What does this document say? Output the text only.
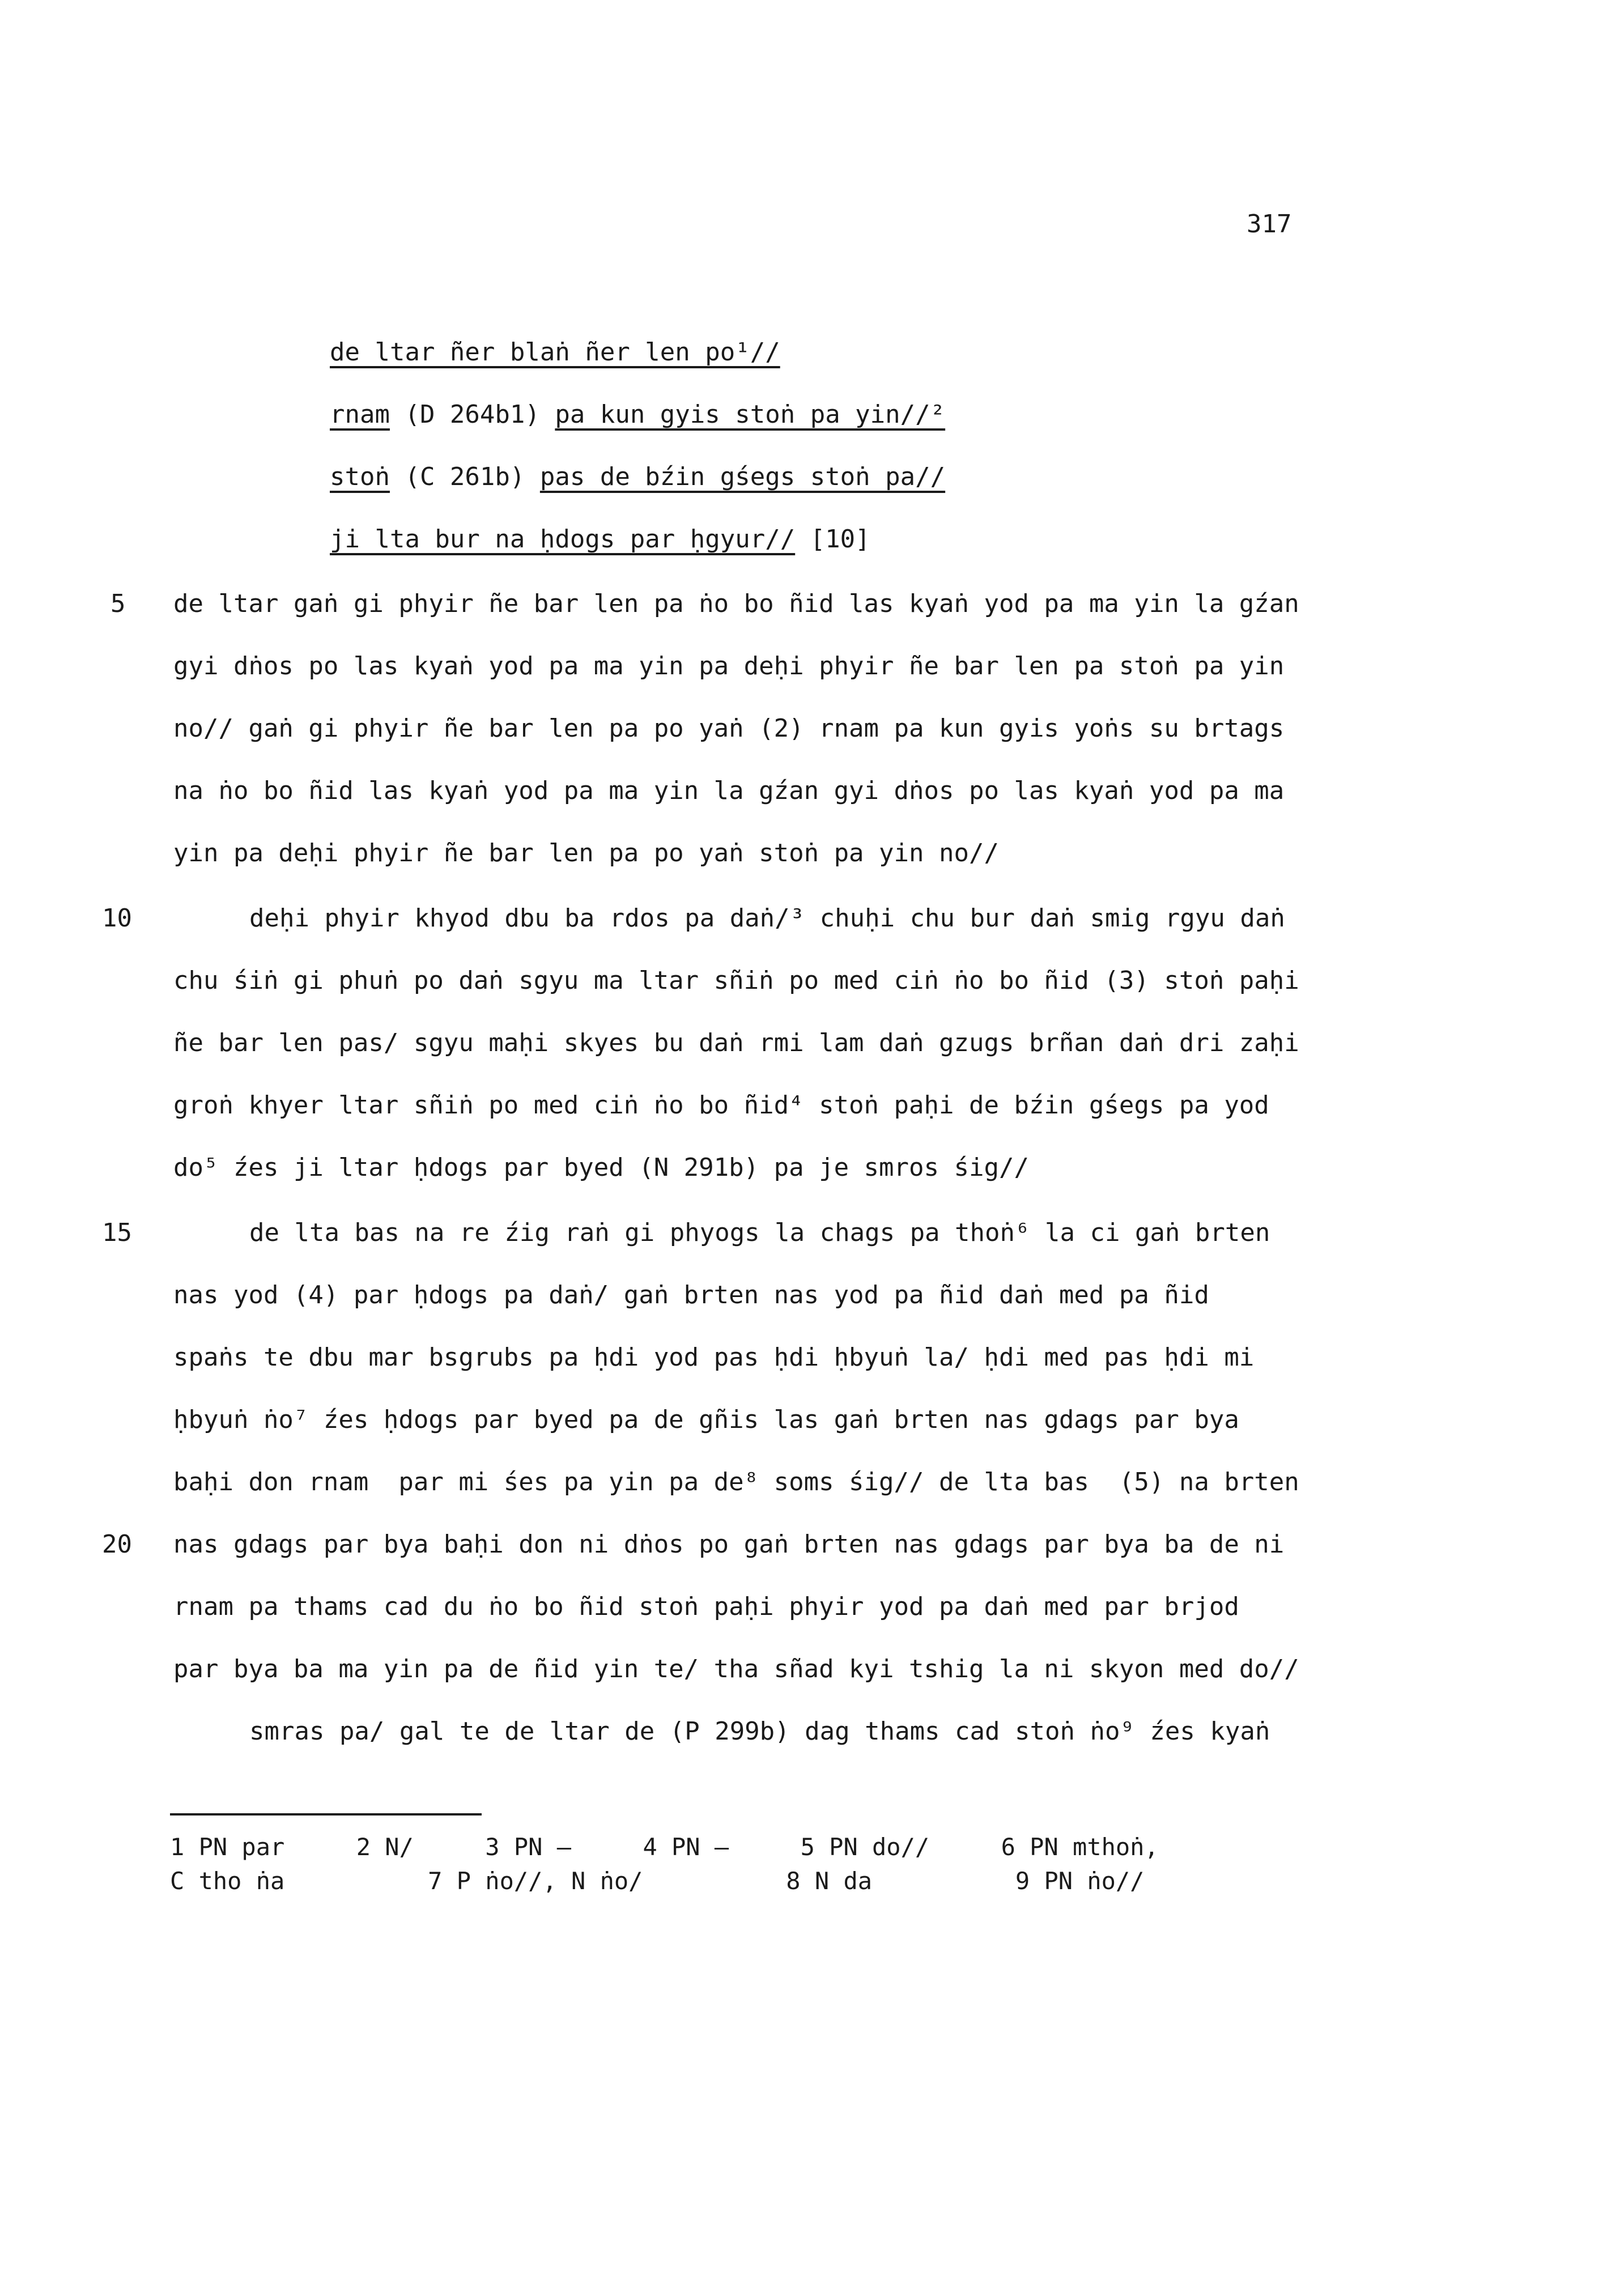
317
de ltar ñer blaṅ ñer len po¹//
rnam (D 264b1) pa kun gyis stoṅ pa yin//²
stoṅ (C 261b) pas de bźin gśegs stoṅ pa//
ji lta bur na ḥdogs par ḥgyur// [10]
5 de ltar gaṅ gi phyir ñe bar len pa ṅo bo ñid las kyaṅ yod pa ma yin la gźan
gyi dṅos po las kyaṅ yod pa ma yin pa deḥi phyir ñe bar len pa stoṅ pa yin
no// gaṅ gi phyir ñe bar len pa po yaṅ (2) rnam pa kun gyis yoṅs su brtags
na ṅo bo ñid las kyaṅ yod pa ma yin la gźan gyi dṅos po las kyaṅ yod pa ma
yin pa deḥi phyir ñe bar len pa po yaṅ stoṅ pa yin no//
10	deḥi phyir khyod dbu ba rdos pa daṅ/³ chuḥi chu bur daṅ smig rgyu daṅ
chu śiṅ gi phuṅ po daṅ sgyu ma ltar sñiṅ po med ciṅ ṅo bo ñid (3) stoṅ paḥi
ñe bar len pas/ sgyu maḥi skyes bu daṅ rmi lam daṅ gzugs brñan daṅ dri zaḥi
groṅ khyer ltar sñiṅ po med ciṅ ṅo bo ñid⁴ stoṅ paḥi de bźin gśegs pa yod
do⁵ źes ji ltar ḥdogs par byed (N 291b) pa je smros śig//
15	de lta bas na re źig raṅ gi phyogs la chags pa thoṅ⁶ la ci gaṅ brten
nas yod (4) par ḥdogs pa daṅ/ gaṅ brten nas yod pa ñid daṅ med pa ñid
spaṅs te dbu mar bsgrubs pa ḥdi yod pas ḥdi ḥbyuṅ la/ ḥdi med pas ḥdi mi
ḥbyuṅ ṅo⁷ źes ḥdogs par byed pa de gñis las gaṅ brten nas gdags par bya
baḥi don rnam  par mi śes pa yin pa de⁸ soms śig// de lta bas  (5) na brten
20 nas gdags par bya baḥi don ni dṅos po gaṅ brten nas gdags par bya ba de ni
rnam pa thams cad du ṅo bo ñid stoṅ paḥi phyir yod pa daṅ med par brjod
par bya ba ma yin pa de ñid yin te/ tha sñad kyi tshig la ni skyon med do//
smras pa/ gal te de ltar de (P 299b) dag thams cad stoṅ ṅo⁹ źes kyaṅ
1 PN par     2 N/     3 PN —     4 PN —     5 PN do//     6 PN mthoṅ,
C tho ṅa          7 P ṅo//, N ṅo/          8 N da          9 PN ṅo//
